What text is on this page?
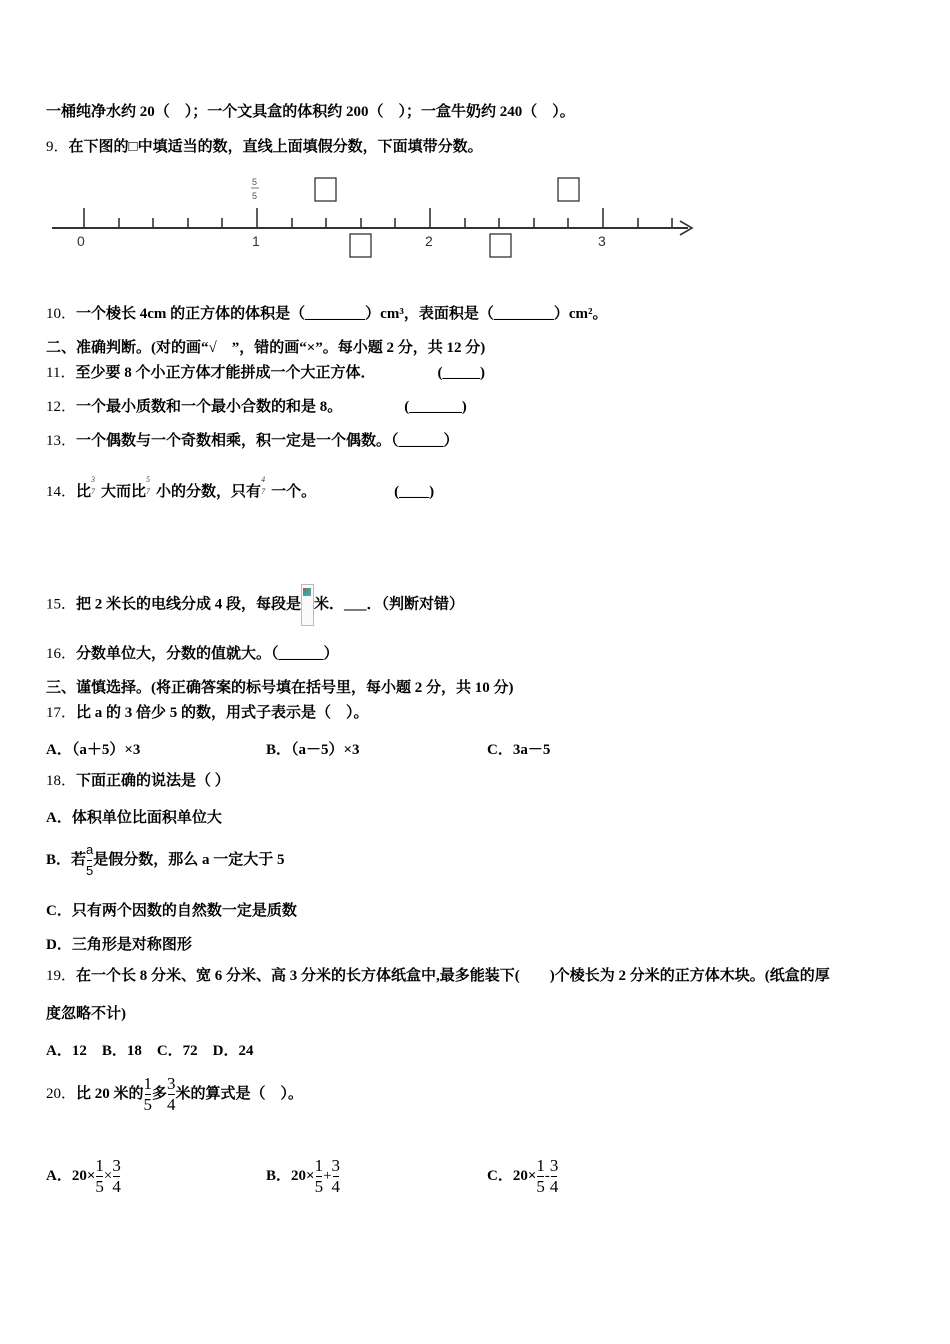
一桶纯净水约 20（　）；一个文具盒的体积约 200（　）；一盒牛奶约 240（　）。
9．在下图的□中填适当的数，直线上面填假分数，下面填带分数。
0	1	2	3
5
5
10．一个棱长 4cm 的正方体的体积是（________）cm³，表面积是（________）cm²。
二、准确判断。(对的画“√　”，错的画“×”。每小题 2 分，共 12 分)
11．至少要 8 个小正方体才能拼成一个大正方体．	(_____)
12．一个最小质数和一个最小合数的和是 8。	(_______)
13．一个偶数与一个奇数相乘，积一定是一个偶数。（______）
14．比
3
7 大而比
5
7 小的分数，只有
4
7 一个。	(____)
15．把 2 米长的电线分成 4 段，每段是 米．___．（判断对错）
16．分数单位大，分数的值就大。（______）
三、谨慎选择。(将正确答案的标号填在括号里，每小题 2 分，共 10 分)
17．比 a 的 3 倍少 5 的数，用式子表示是（　）。
A．（a＋5）×3	B．（a－5）×3	C．3a－5
18．下面正确的说法是（ ）
A．体积单位比面积单位大
B．若 $\frac{a}{5}$ 是假分数，那么 a 一定大于 5
C．只有两个因数的自然数一定是质数
D．三角形是对称图形
19．在一个长 8 分米、宽 6 分米、高 3 分米的长方体纸盒中,最多能装下(　　)个棱长为 2 分米的正方体木块。(纸盒的厚
度忽略不计)
A．12　B．18　C．72　D．24
20．比 20 米的 $\frac{1}{5}$ 多 $\frac{3}{4}$ 米的算式是（　）。
A．$20\times \frac{1}{5} \times \frac{3}{4}$	B．$20\times \frac{1}{5} + \frac{3}{4}$	C．$20\times \frac{1}{5} - \frac{3}{4}$
